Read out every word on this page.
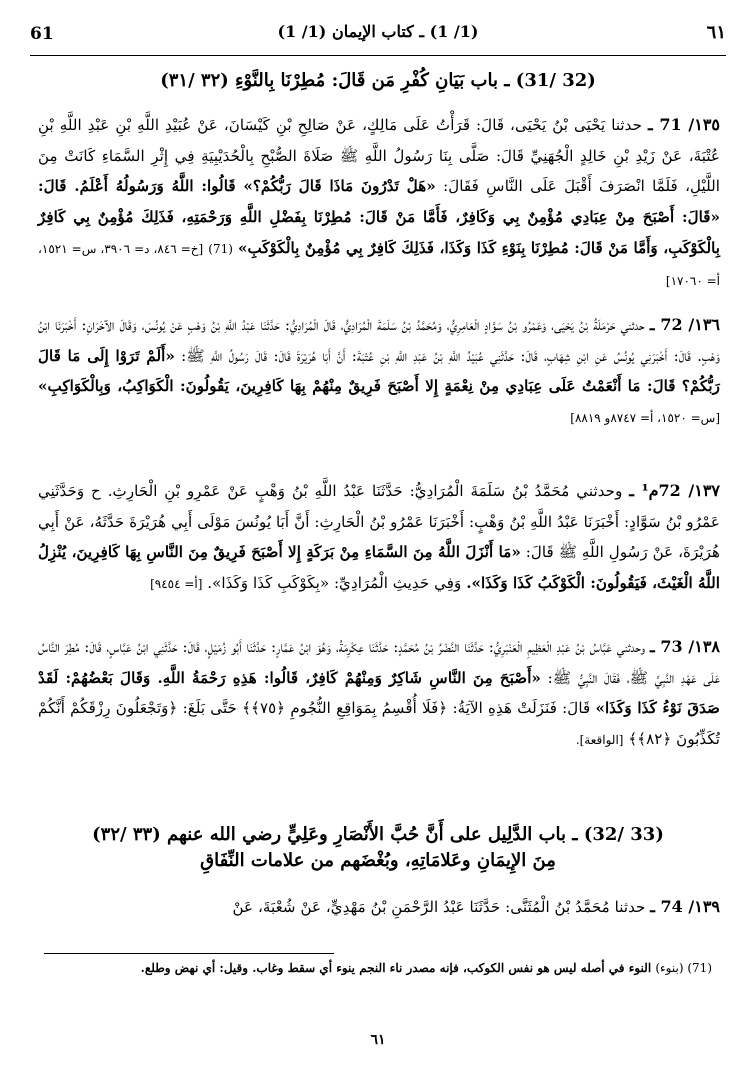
61	(1/ 1) ـ كتاب الإيمان (1/ 1)	٦١
(32 /31) ـ باب بَيَانِ كُفْرِ مَن قَالَ: مُطِرْنَا بِالنَّوْءِ (٣٢ /٣١)
١٣٥/ 71 ـ حدثنا يَحْيَى بْنُ يَحْيَى، قَالَ: قَرَأْتُ عَلَى مَالِكٍ، عَنْ صَالِحِ بْنِ كَيْسَانَ، عَنْ عُبَيْدِ اللَّهِ بْنِ عَبْدِ اللَّهِ بْنِ عُتْبَةَ، عَنْ زَيْدِ بْنِ خَالِدٍ الْجُهَنِيِّ قَالَ: صَلَّى بِنَا رَسُولُ اللَّهِ ﷺ صَلَاةَ الصُّبْحِ بِالْحُدَيْبِيَةِ فِي إِثْرِ السَّمَاءِ كَانَتْ مِنَ اللَّيْلِ، فَلَمَّا انْصَرَفَ أَقْبَلَ عَلَى النَّاسِ فَقَالَ: «هَلْ تَدْرُونَ مَاذَا قَالَ رَبُّكُمْ؟» قَالُوا: اللَّهُ وَرَسُولُهُ أَعْلَمُ. قَالَ: «قَالَ: أَصْبَحَ مِنْ عِبَادِي مُؤْمِنٌ بِي وَكَافِرٌ، فَأَمَّا مَنْ قَالَ: مُطِرْنَا بِفَضْلِ اللَّهِ وَرَحْمَتِهِ، فَذَلِكَ مُؤْمِنٌ بِي كَافِرٌ بِالْكَوْكَبِ، وَأَمَّا مَنْ قَالَ: مُطِرْنَا بِنَوْءِ كَذَا وَكَذَا، فَذَلِكَ كَافِرٌ بِي مُؤْمِنٌ بِالْكَوْكَبِ» (71) [خ= ٨٤٦، د= ٣٩٠٦، س= ١٥٢١، أ= ١٧٠٦٠]
١٣٦/ 72 ـ حدثني حَرْمَلَةُ بْنُ يَحْيَى، وَعَمْرُو بْنُ سَوَّادٍ الْعَامِرِيُّ، وَمُحَمَّدُ بْنُ سَلَمَةَ الْمُرَادِيُّ، قَالَ الْمُرَادِيُّ: حَدَّثَنَا عَبْدُ اللَّهِ بْنُ وَهْبٍ عَنْ يُونُسَ، وَقَالَ الآخَرَانِ: أَخْبَرَنَا ابْنُ وَهْبٍ. قَالَ: أَخْبَرَنِي يُونُسُ عَنِ ابْنِ شِهَابٍ، قَالَ: حَدَّثَنِي عُبَيْدُ اللَّهِ بْنُ عَبْدِ اللَّهِ بْنِ عُتْبَةَ: أَنَّ أَبَا هُرَيْرَةَ قَالَ: قَالَ رَسُولُ اللَّهِ ﷺ: «أَلَمْ تَرَوْا إِلَى مَا قَالَ رَبُّكُمْ؟ قَالَ: مَا أَنْعَمْتُ عَلَى عِبَادِي مِنْ نِعْمَةٍ إِلا أَصْبَحَ فَرِيقٌ مِنْهُمْ بِهَا كَافِرِينَ، يَقُولُونَ: الْكَوَاكِبُ، وَبِالْكَوَاكِبِ» [س= ١٥٢٠، أ= ٨٧٤٧و ٨٨١٩]
١٣٧/ 72م¹ ـ وحدثني مُحَمَّدُ بْنُ سَلَمَةَ الْمُرَادِيُّ: حَدَّثَنَا عَبْدُ اللَّهِ بْنُ وَهْبٍ عَنْ عَمْرِو بْنِ الْحَارِثِ. ح وَحَدَّثَنِي عَمْرُو بْنُ سَوَّادٍ: أَخْبَرَنَا عَبْدُ اللَّهِ بْنُ وَهْبٍ: أَخْبَرَنَا عَمْرُو بْنُ الْحَارِثِ: أَنَّ أَبَا يُونُسَ مَوْلَى أَبِي هُرَيْرَةَ حَدَّثَهُ، عَنْ أَبِي هُرَيْرَةَ، عَنْ رَسُولِ اللَّهِ ﷺ قَالَ: «مَا أَنْزَلَ اللَّهُ مِنَ السَّمَاءِ مِنْ بَرَكَةٍ إِلا أَصْبَحَ فَرِيقٌ مِنَ النَّاسِ بِهَا كَافِرِينَ، يُنْزِلُ اللَّهُ الْغَيْثَ، فَيَقُولُونَ: الْكَوْكَبُ كَذَا وَكَذَا». وَفِي حَدِيثِ الْمُرَادِيِّ: «بِكَوْكَبِ كَذَا وَكَذَا». [أ= ٩٤٥٤]
١٣٨/ 73 ـ وحدثني عَبَّاسُ بْنُ عَبْدِ الْعَظِيمِ الْعَنْبَرِيُّ: حَدَّثَنَا النَّضْرُ بْنُ مُحَمَّدٍ: حَدَّثَنَا عِكْرِمَةُ، وَهُوَ ابْنُ عَمَّارٍ: حَدَّثَنَا أَبُو زُمَيْلٍ، قَالَ: حَدَّثَنِي ابْنُ عَبَّاسٍ، قَالَ: مُطِرَ النَّاسُ عَلَى عَهْدِ النَّبِيِّ ﷺ، فَقَالَ النَّبِيُّ ﷺ: «أَصْبَحَ مِنَ النَّاسِ شَاكِرٌ وَمِنْهُمْ كَافِرٌ، قَالُوا: هَذِهِ رَحْمَةُ اللَّهِ. وَقَالَ بَعْضُهُمْ: لَقَدْ صَدَقَ نَوْءُ كَذَا وَكَذَا» قَالَ: فَنَزَلَتْ هَذِهِ الآيَةُ: ﴿فَلَا أُقْسِمُ بِمَوَاقِعِ النُّجُومِ ﴿٧٥﴾﴾ حَتَّى بَلَغَ: ﴿وَتَجْعَلُونَ رِزْقَكُمْ أَنَّكُمْ تُكَذِّبُونَ ﴿٨٢﴾﴾ [الواقعة].
(33 /32) ـ باب الدَّلِيل على أَنَّ حُبَّ الأَنْصَارِ وعَلِيٍّ رضي الله عنهم (٣٣ /٣٢)
مِنَ الإِيمَانِ وعَلامَاتِهِ، وبُغْضَهم من علامات النِّفَاقِ
١٣٩/ 74 ـ حدثنا مُحَمَّدُ بْنُ الْمُثَنَّى: حَدَّثَنَا عَبْدُ الرَّحْمَنِ بْنُ مَهْدِيٍّ، عَنْ شُعْبَةَ، عَنْ
(71) (بنوء) النوء في أصله ليس هو نفس الكوكب، فإنه مصدر ناء النجم ينوء أي سقط وغاب. وقيل: أي نهض وطلع.
٦١
